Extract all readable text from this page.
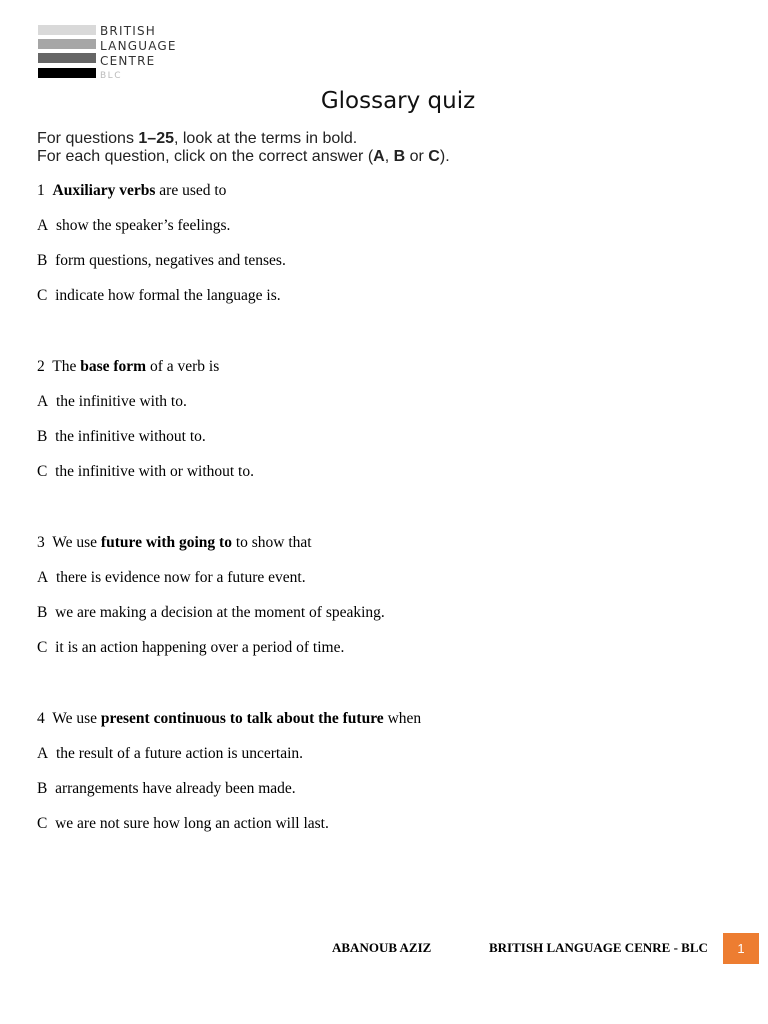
BRITISH
LANGUAGE
CENTRE
BLC
Glossary quiz
For questions 1–25, look at the terms in bold.
For each question, click on the correct answer (A, B or C).
1 Auxiliary verbs are used to
A show the speaker’s feelings.
B form questions, negatives and tenses.
C indicate how formal the language is.
2 The base form of a verb is
A the infinitive with to.
B the infinitive without to.
C the infinitive with or without to.
3 We use future with going to to show that
A there is evidence now for a future event.
B we are making a decision at the moment of speaking.
C it is an action happening over a period of time.
4 We use present continuous to talk about the future when
A the result of a future action is uncertain.
B arrangements have already been made.
C we are not sure how long an action will last.
ABANOUB AZIZ	BRITISH LANGUAGE CENRE - BLC	1
